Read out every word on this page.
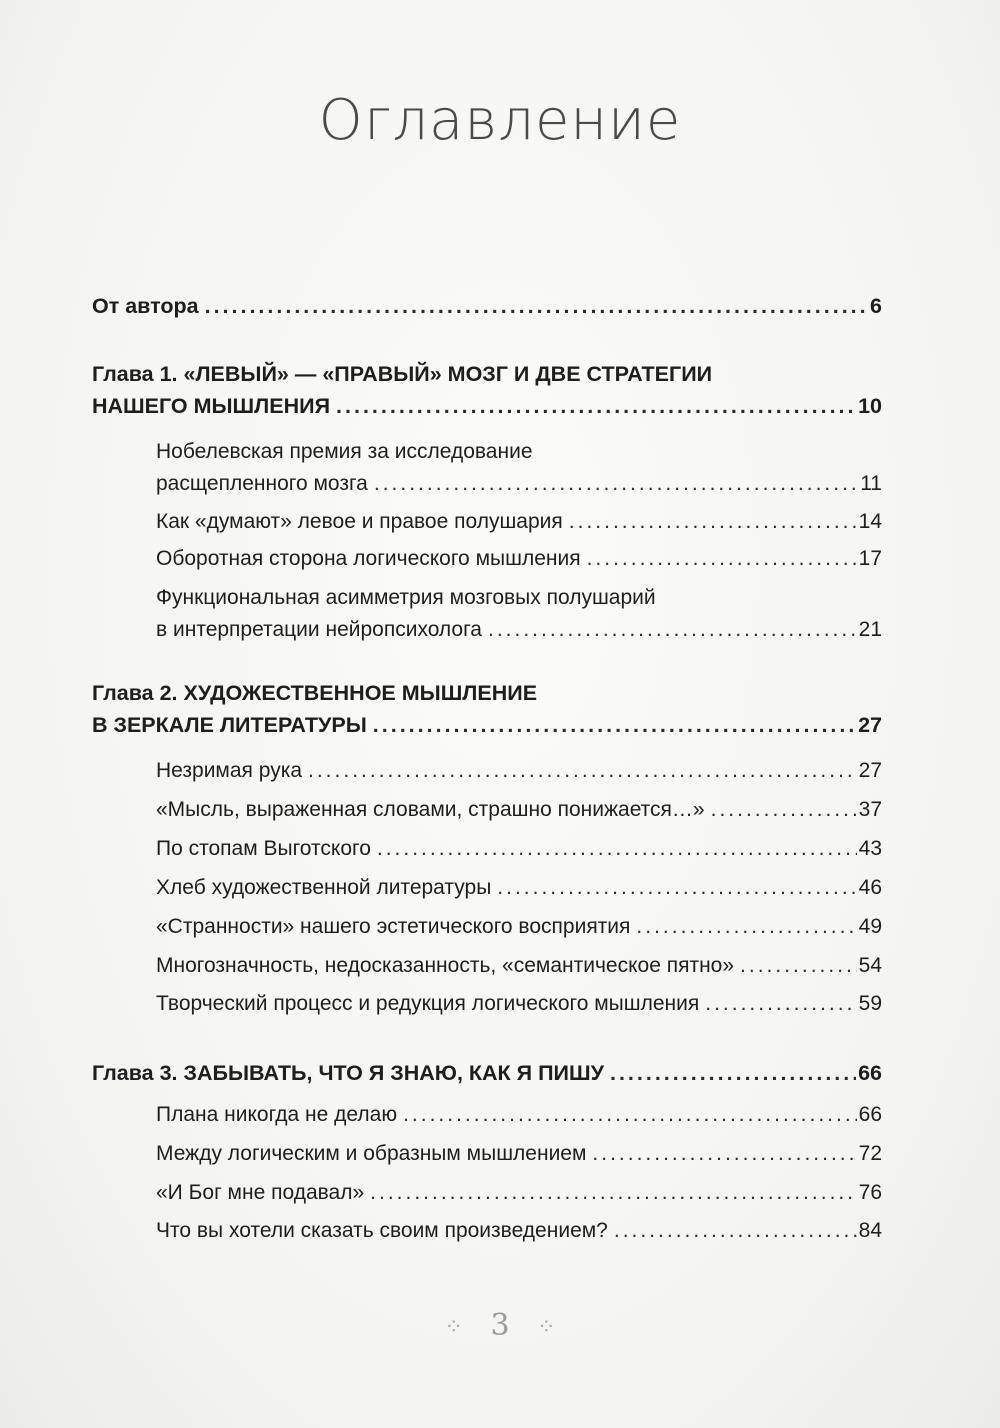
Оглавление
От автора .....	6
Глава 1. «ЛЕВЫЙ» — «ПРАВЫЙ» МОЗГ И ДВЕ СТРАТЕГИИ
НАШЕГО МЫШЛЕНИЯ .....	10
Нобелевская премия за исследование
расщепленного мозга .....	11
Как «думают» левое и правое полушария .....	14
Оборотная сторона логического мышления .....	17
Функциональная асимметрия мозговых полушарий
в интерпретации нейропсихолога .....	21
Глава 2. ХУДОЖЕСТВЕННОЕ МЫШЛЕНИЕ
В ЗЕРКАЛЕ ЛИТЕРАТУРЫ .....	27
Незримая рука .....	27
«Мысль, выраженная словами, страшно понижается…» .....	37
По стопам Выготского .....	43
Хлеб художественной литературы .....	46
«Странности» нашего эстетического восприятия .....	49
Многозначность, недосказанность, «семантическое пятно» .....	54
Творческий процесс и редукция логического мышления .....	59
Глава 3. ЗАБЫВАТЬ, ЧТО Я ЗНАЮ, КАК Я ПИШУ .....	66
Плана никогда не делаю .....	66
Между логическим и образным мышлением .....	72
«И Бог мне подавал» .....	76
Что вы хотели сказать своим произведением? .....	84
⁘ 3 ⁘
